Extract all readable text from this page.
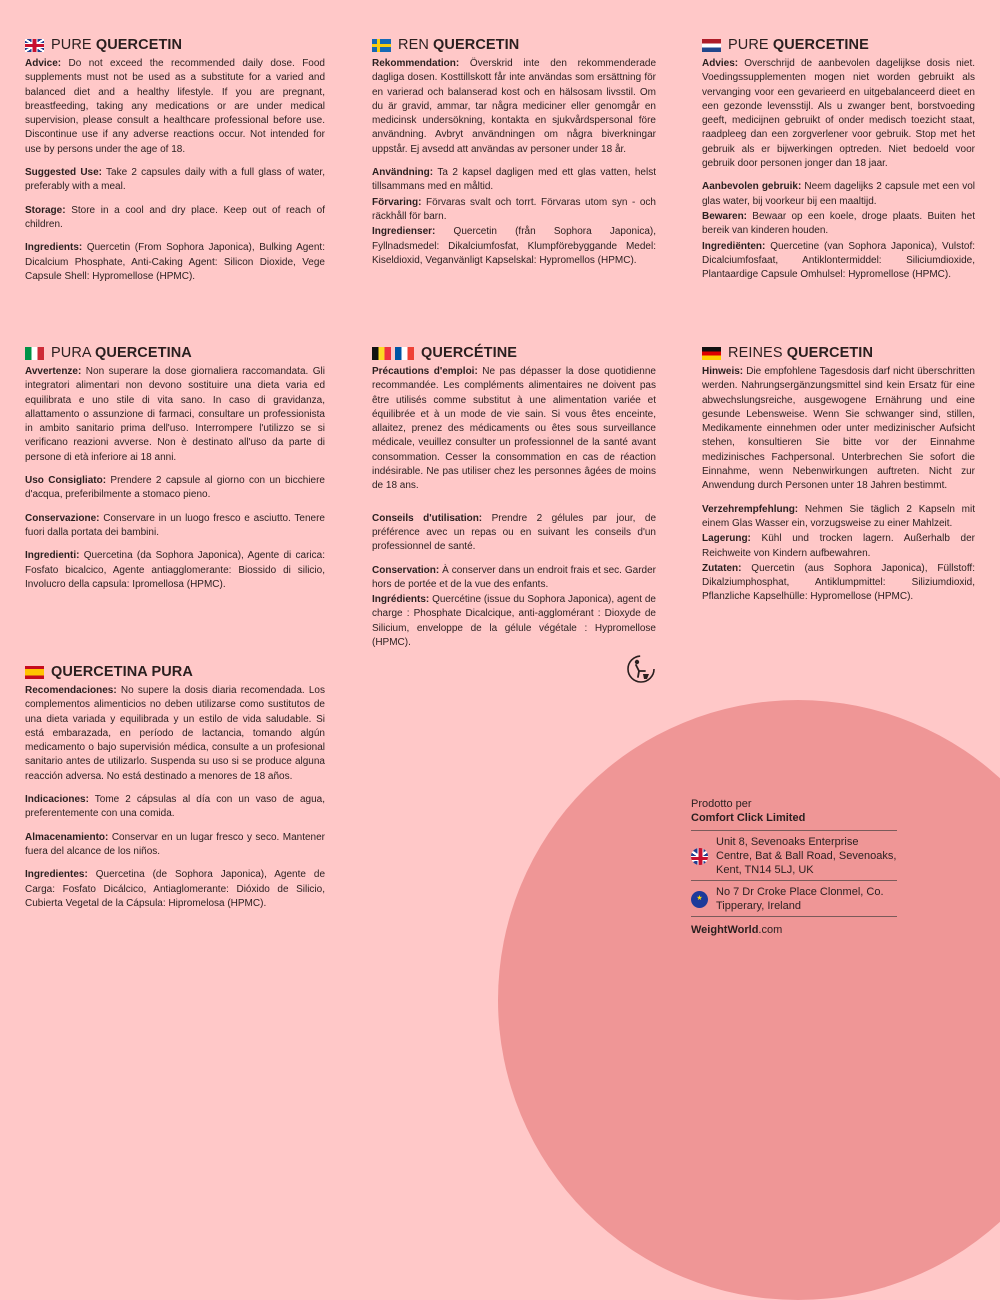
PURE QUERCETIN

Advice: Do not exceed the recommended daily dose. Food supplements must not be used as a substitute for a varied and balanced diet and a healthy lifestyle. If you are pregnant, breastfeeding, taking any medications or are under medical supervision, please consult a healthcare professional before use. Discontinue use if any adverse reactions occur. Not intended for use by persons under the age of 18.

Suggested Use: Take 2 capsules daily with a full glass of water, preferably with a meal.

Storage: Store in a cool and dry place. Keep out of reach of children.

Ingredients: Quercetin (From Sophora Japonica), Bulking Agent: Dicalcium Phosphate, Anti-Caking Agent: Silicon Dioxide, Vege Capsule Shell: Hypromellose (HPMC).

REN QUERCETIN

Rekommendation: Överskrid inte den rekommenderade dagliga dosen. Kosttillskott får inte användas som ersättning för en varierad och balanserad kost och en hälsosam livsstil. Om du är gravid, ammar, tar några mediciner eller genomgår en medicinsk undersökning, kontakta en sjukvårdspersonal före användning. Avbryt användningen om några biverkningar uppstår. Ej avsedd att användas av personer under 18 år.

Användning: Ta 2 kapsel dagligen med ett glas vatten, helst tillsammans med en måltid.

Förvaring: Förvaras svalt och torrt. Förvaras utom syn - och räckhåll för barn.

Ingredienser: Quercetin (från Sophora Japonica), Fyllnadsmedel: Dikalciumfosfat, Klumpförebyggande Medel: Kiseldioxid, Veganvänligt Kapselskal: Hypromellos (HPMC).

PURE QUERCETINE

Advies: Overschrijd de aanbevolen dagelijkse dosis niet. Voedingssupplementen mogen niet worden gebruikt als vervanging voor een gevarieerd en uitgebalanceerd dieet en een gezonde levensstijl. Als u zwanger bent, borstvoeding geeft, medicijnen gebruikt of onder medisch toezicht staat, raadpleeg dan een zorgverlener voor gebruik. Stop met het gebruik als er bijwerkingen optreden. Niet bedoeld voor gebruik door personen jonger dan 18 jaar.

Aanbevolen gebruik: Neem dagelijks 2 capsule met een vol glas water, bij voorkeur bij een maaltijd.

Bewaren: Bewaar op een koele, droge plaats. Buiten het bereik van kinderen houden.

Ingrediënten: Quercetine (van Sophora Japonica), Vulstof: Dicalciumfosfaat, Antiklontermiddel: Siliciumdioxide, Plantaardige Capsule Omhulsel: Hypromellose (HPMC).

PURA QUERCETINA

Avvertenze: Non superare la dose giornaliera raccomandata. Gli integratori alimentari non devono sostituire una dieta varia ed equilibrata e uno stile di vita sano. In caso di gravidanza, allattamento o assunzione di farmaci, consultare un professionista in ambito sanitario prima dell'uso. Interrompere l'utilizzo se si verificano reazioni avverse. Non è destinato all'uso da parte di persone di età inferiore ai 18 anni.

Uso Consigliato: Prendere 2 capsule al giorno con un bicchiere d'acqua, preferibilmente a stomaco pieno.

Conservazione: Conservare in un luogo fresco e asciutto. Tenere fuori dalla portata dei bambini.

Ingredienti: Quercetina (da Sophora Japonica), Agente di carica: Fosfato bicalcico, Agente antiagglomerante: Biossido di silicio, Involucro della capsula: Ipromellosa (HPMC).

QUERCÉTINE

Précautions d'emploi: Ne pas dépasser la dose quotidienne recommandée. Les compléments alimentaires ne doivent pas être utilisés comme substitut à une alimentation variée et équilibrée et à un mode de vie sain. Si vous êtes enceinte, allaitez, prenez des médicaments ou êtes sous surveillance médicale, veuillez consulter un professionnel de la santé avant consommation. Cesser la consommation en cas de réaction indésirable. Ne pas utiliser chez les personnes âgées de moins de 18 ans.

Conseils d'utilisation: Prendre 2 gélules par jour, de préférence avec un repas ou en suivant les conseils d'un professionnel de santé.

Conservation: À conserver dans un endroit frais et sec. Garder hors de portée et de la vue des enfants.

Ingrédients: Quercétine (issue du Sophora Japonica), agent de charge : Phosphate Dicalcique, anti-agglomérant : Dioxyde de Silicium, enveloppe de la gélule végétale : Hypromellose (HPMC).

REINES QUERCETIN

Hinweis: Die empfohlene Tagesdosis darf nicht überschritten werden. Nahrungsergänzungsmittel sind kein Ersatz für eine abwechslungsreiche, ausgewogene Ernährung und eine gesunde Lebensweise. Wenn Sie schwanger sind, stillen, Medikamente einnehmen oder unter medizinischer Aufsicht stehen, konsultieren Sie bitte vor der Einnahme medizinisches Fachpersonal. Unterbrechen Sie sofort die Einnahme, wenn Nebenwirkungen auftreten. Nicht zur Anwendung durch Personen unter 18 Jahren bestimmt.

Verzehrempfehlung: Nehmen Sie täglich 2 Kapseln mit einem Glas Wasser ein, vorzugsweise zu einer Mahlzeit.

Lagerung: Kühl und trocken lagern. Außerhalb der Reichweite von Kindern aufbewahren.

Zutaten: Quercetin (aus Sophora Japonica), Füllstoff: Dikalziumphosphat, Antiklumpmittel: Siliziumdioxid, Pflanzliche Kapselhülle: Hypromellose (HPMC).

QUERCETINA PURA

Recomendaciones: No supere la dosis diaria recomendada. Los complementos alimenticios no deben utilizarse como sustitutos de una dieta variada y equilibrada y un estilo de vida saludable. Si está embarazada, en período de lactancia, tomando algún medicamento o bajo supervisión médica, consulte a un profesional sanitario antes de utilizarlo. Suspenda su uso si se produce alguna reacción adversa. No está destinado a menores de 18 años.

Indicaciones: Tome 2 cápsulas al día con un vaso de agua, preferentemente con una comida.

Almacenamiento: Conservar en un lugar fresco y seco. Mantener fuera del alcance de los niños.

Ingredientes: Quercetina (de Sophora Japonica), Agente de Carga: Fosfato Dicálcico, Antiaglomerante: Dióxido de Silicio, Cubierta Vegetal de la Cápsula: Hipromelosa (HPMC).

Prodotto per
Comfort Click Limited
Unit 8, Sevenoaks Enterprise Centre, Bat & Ball Road, Sevenoaks, Kent, TN14 5LJ, UK
★
No 7 Dr Croke Place Clonmel, Co. Tipperary, Ireland
WeightWorld.com
